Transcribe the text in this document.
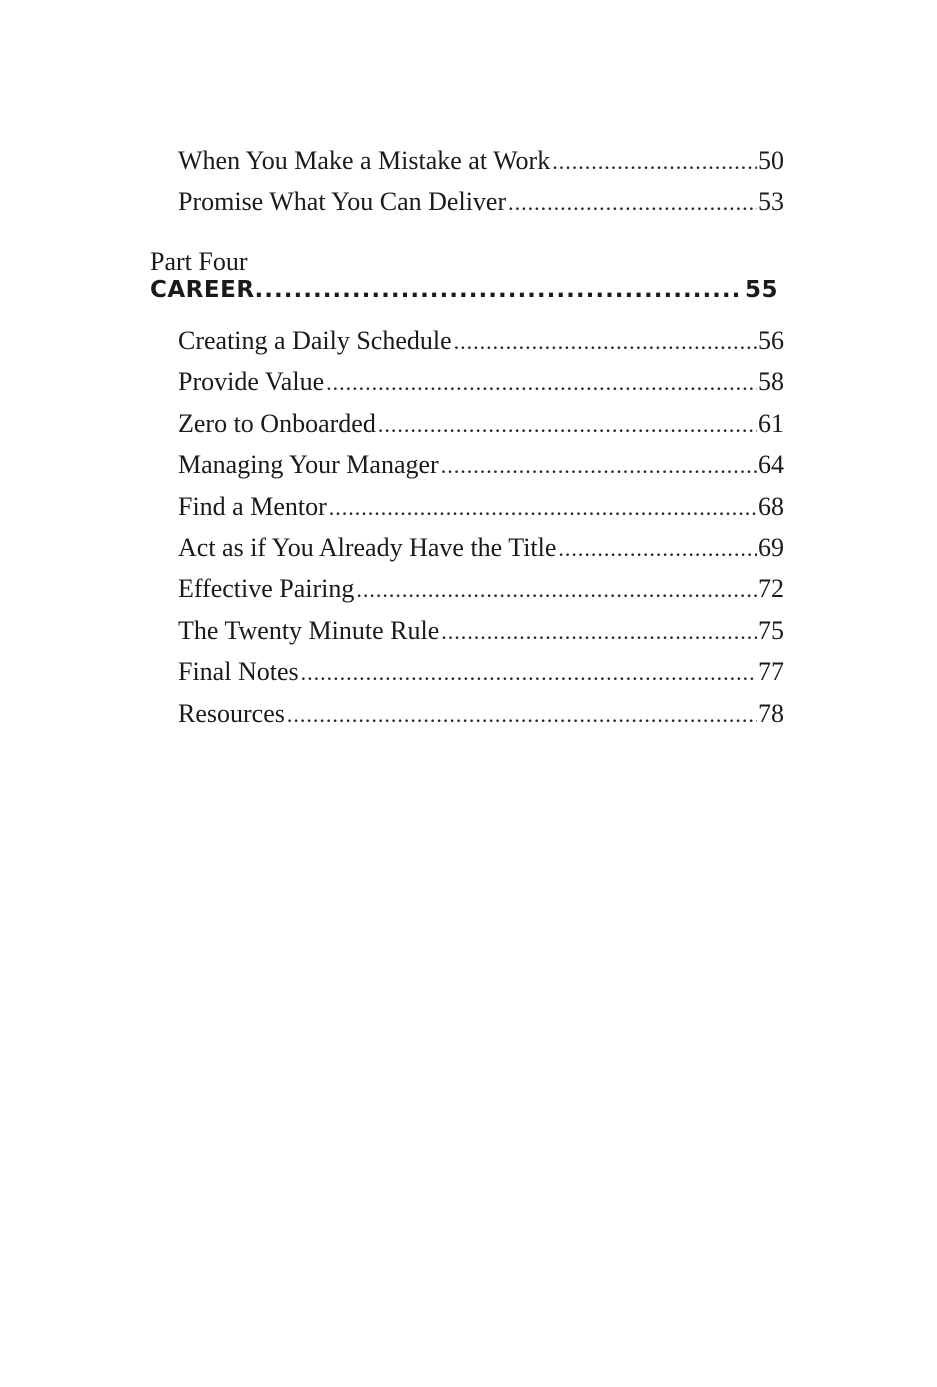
When You Make a Mistake at Work .....	50
Promise What You Can Deliver .....	53
Part Four
CAREER .....	55
Creating a Daily Schedule .....	56
Provide Value .....	58
Zero to Onboarded .....	61
Managing Your Manager .....	64
Find a Mentor .....	68
Act as if You Already Have the Title .....	69
Effective Pairing .....	72
The Twenty Minute Rule .....	75
Final Notes .....	77
Resources .....	78
